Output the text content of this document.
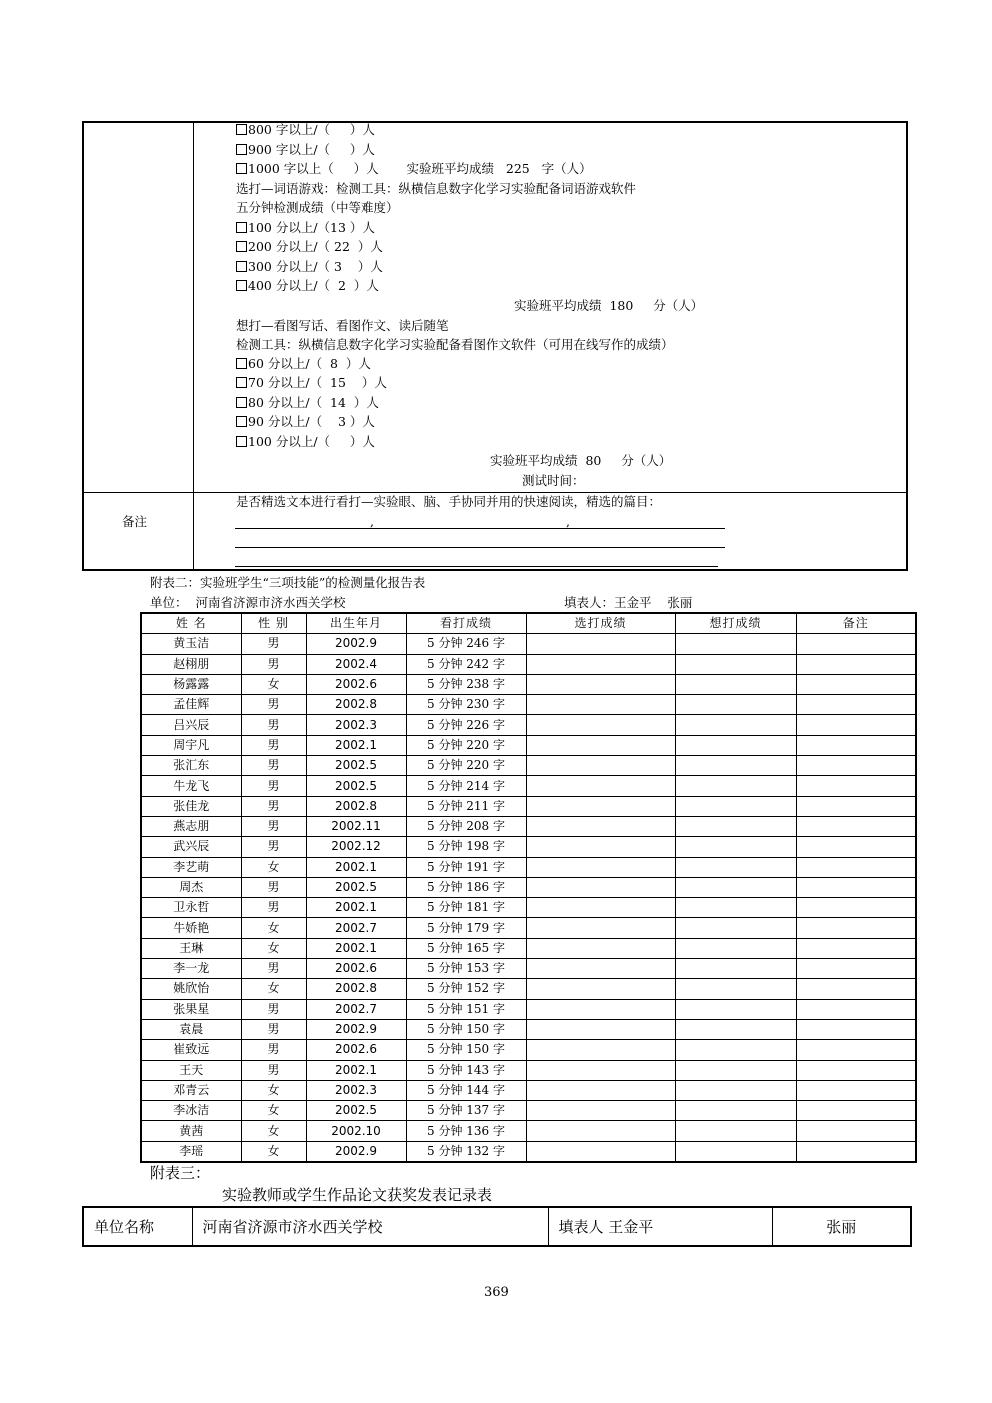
800 字以上/（     ）人
900 字以上/（     ）人
1000 字以上（     ）人       实验班平均成绩   225   字（人）
选打—词语游戏：检测工具：纵横信息数字化学习实验配备词语游戏软件
五分钟检测成绩（中等难度）
100 分以上/（13 ）人
200 分以上/（ 22  ）人
300 分以上/（ 3    ）人
400 分以上/（  2  ）人
实验班平均成绩  180     分（人）
想打—看图写话、看图作文、读后随笔
检测工具：纵横信息数字化学习实验配备看图作文软件（可用在线写作的成绩）
60 分以上/（  8  ）人
70 分以上/（  15    ）人
80 分以上/（  14  ）人
90 分以上/（    3 ）人
100 分以上/（     ）人
实验班平均成绩  80     分（人）
测试时间：
备注
是否精选文本进行看打—实验眼、脑、手协同并用的快速阅读，精选的篇目：
,	,
附表二：实验班学生“三项技能”的检测量化报告表
单位：  河南省济源市济水西关学校	填表人：王金平    张丽
姓 名	性 别	出生年月	看打成绩	选打成绩	想打成绩	备注
黄玉洁	男	2002.9	5 分钟 246 字			
赵栩朋	男	2002.4	5 分钟 242 字			
杨露露	女	2002.6	5 分钟 238 字			
孟佳辉	男	2002.8	5 分钟 230 字			
吕兴辰	男	2002.3	5 分钟 226 字			
周宇凡	男	2002.1	5 分钟 220 字			
张汇东	男	2002.5	5 分钟 220 字			
牛龙飞	男	2002.5	5 分钟 214 字			
张佳龙	男	2002.8	5 分钟 211 字			
燕志朋	男	2002.11	5 分钟 208 字			
武兴辰	男	2002.12	5 分钟 198 字			
李艺萌	女	2002.1	5 分钟 191 字			
周杰	男	2002.5	5 分钟 186 字			
卫永哲	男	2002.1	5 分钟 181 字			
牛娇艳	女	2002.7	5 分钟 179 字			
王琳	女	2002.1	5 分钟 165 字			
李一龙	男	2002.6	5 分钟 153 字			
姚欣怡	女	2002.8	5 分钟 152 字			
张果星	男	2002.7	5 分钟 151 字			
袁晨	男	2002.9	5 分钟 150 字			
崔致远	男	2002.6	5 分钟 150 字			
王天	男	2002.1	5 分钟 143 字			
邓青云	女	2002.3	5 分钟 144 字			
李冰洁	女	2002.5	5 分钟 137 字			
黄茜	女	2002.10	5 分钟 136 字			
李瑶	女	2002.9	5 分钟 132 字			
附表三：
实验教师或学生作品论文获奖发表记录表
单位名称	河南省济源市济水西关学校	填表人 王金平	张丽
369
